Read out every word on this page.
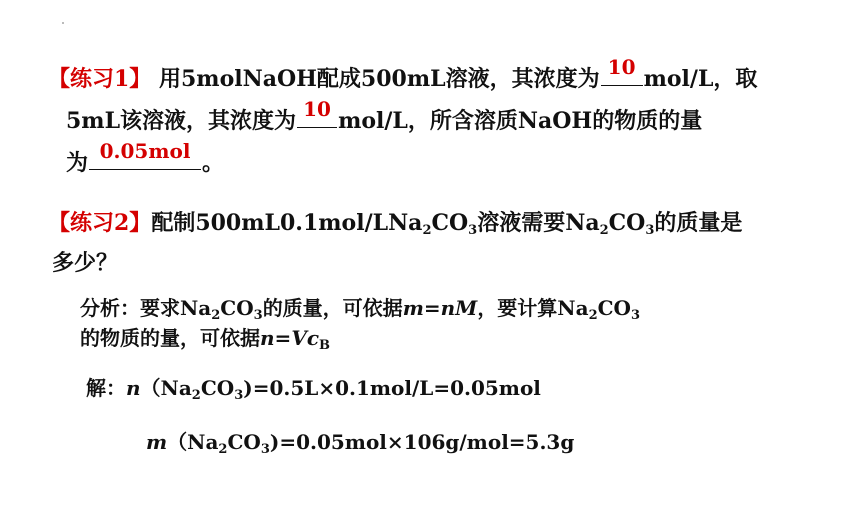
【练习1】 用5molNaOH配成500mL溶液，其浓度为 10 mol/L，取
5mL该溶液，其浓度为 10 mol/L，所含溶质NaOH的物质的量
为 0.05mol 。
【练习2】配制$500mL0.1mol/LNa_2CO_3$溶液需要$Na_2CO_3$的质量是
多少？
分析：要求$Na_2CO_3$的质量，可依据m=nM，要计算$Na_2CO_3$
的物质的量，可依据$n=Vc_B$
解：$n(Na_2CO_3)=0.5L\times 0.1mol/L=0.05mol$
$m(Na_2CO_3)=0.05mol\times 106g/mol=5.3g$
